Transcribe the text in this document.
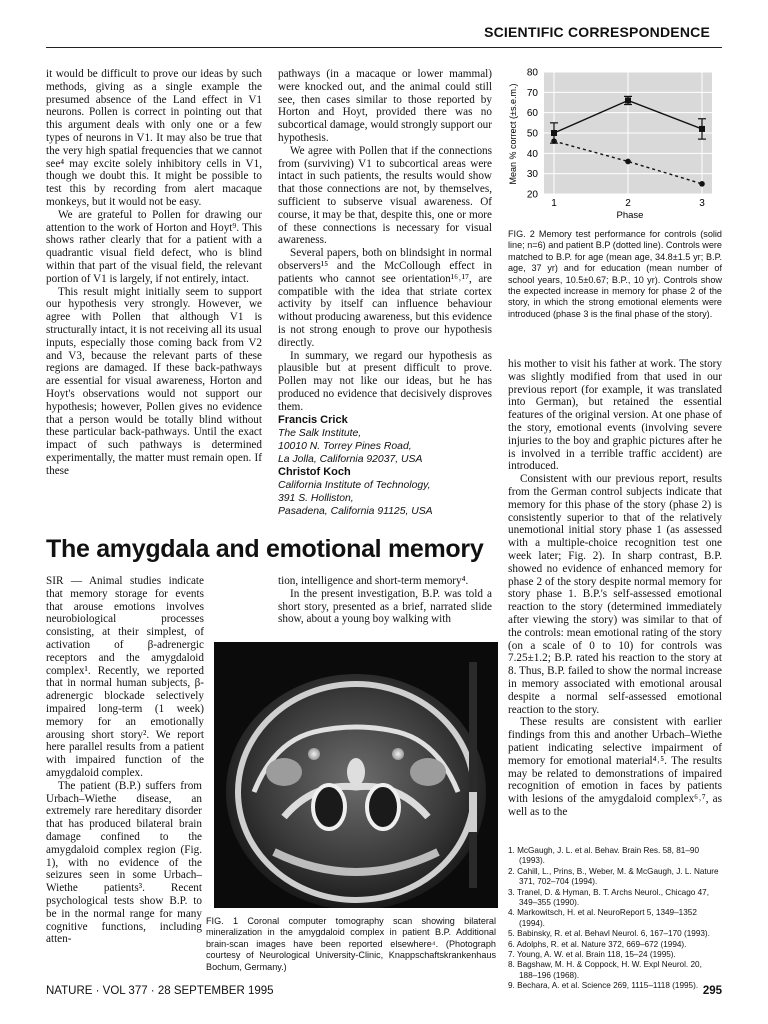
SCIENTIFIC CORRESPONDENCE

it would be difficult to prove our ideas by such methods, giving as a single example the presumed absence of the Land effect in V1 neurons. Pollen is correct in pointing out that this argument deals with only one or a few types of neurons in V1. It may also be true that the very high spatial frequencies that we cannot see⁴ may excite solely inhibitory cells in V1, though we doubt this. It might be possible to test this by recording from alert macaque monkeys, but it would not be easy.

We are grateful to Pollen for drawing our attention to the work of Horton and Hoyt⁹. This shows rather clearly that for a patient with a quadrantic visual field defect, who is blind within that part of the visual field, the relevant portion of V1 is largely, if not entirely, intact.

This result might initially seem to support our hypothesis very strongly. However, we agree with Pollen that although V1 is structurally intact, it is not receiving all its usual inputs, especially those coming back from V2 and V3, because the relevant parts of these regions are damaged. If these back-pathways are essential for visual awareness, Horton and Hoyt's observations would not support our hypothesis; however, Pollen gives no evidence that a person would be totally blind without these particular back-pathways. Until the exact impact of such pathways is determined experimentally, the matter must remain open. If these

pathways (in a macaque or lower mammal) were knocked out, and the animal could still see, then cases similar to those reported by Horton and Hoyt, provided there was no subcortical damage, would strongly support our hypothesis.

We agree with Pollen that if the connections from (surviving) V1 to subcortical areas were intact in such patients, the results would show that those connections are not, by themselves, sufficient to subserve visual awareness. Of course, it may be that, despite this, one or more of these connections is necessary for visual awareness.

Several papers, both on blindsight in normal observers¹⁵ and the McCollough effect in patients who cannot see orientation¹⁶˒¹⁷, are compatible with the idea that striate cortex activity by itself can influence behaviour without producing awareness, but this evidence is not strong enough to prove our hypothesis directly.

In summary, we regard our hypothesis as plausible but at present difficult to prove. Pollen may not like our ideas, but he has produced no evidence that decisively disproves them.

Francis Crick
The Salk Institute,
10010 N. Torrey Pines Road,
La Jolla, California 92037, USA
Christof Koch
California Institute of Technology,
391 S. Holliston,
Pasadena, California 91125, USA
20
30
40
50
60
70
80
1	2	3
Mean % correct (±s.e.m.)
Phase
FIG. 2 Memory test performance for controls (solid line; n=6) and patient B.P (dotted line). Controls were matched to B.P. for age (mean age, 34.8±1.5 yr; B.P. age, 37 yr) and for education (mean number of school years, 10.5±0.67; B.P., 10 yr). Controls show the expected increase in memory for phase 2 of the story, in which the strong emotional elements were introduced (phase 3 is the final phase of the story).

his mother to visit his father at work. The story was slightly modified from that used in our previous report (for example, it was translated into German), but retained the essential features of the original version. At one phase of the story, emotional events (involving severe injuries to the boy and graphic pictures after he is involved in a terrible traffic accident) are introduced.

Consistent with our previous report, results from the German control subjects indicate that memory for this phase of the story (phase 2) is consistently superior to that of the relatively unemotional initial story phase 1 (as assessed with a multiple-choice recognition test one week later; Fig. 2). In sharp contrast, B.P. showed no evidence of enhanced memory for phase 2 of the story despite normal memory for story phase 1. B.P.'s self-assessed emotional reaction to the story (determined immediately after viewing the story) was similar to that of the controls: mean emotional rating of the story (on a scale of 0 to 10) for controls was 7.25±1.2; B.P. rated his reaction to the story at 8. Thus, B.P. failed to show the normal increase in memory associated with emotional arousal despite a normal self-assessed emotional reaction to the story.

These results are consistent with earlier findings from this and another Urbach–Wiethe patient indicating selective impairment of memory for emotional material⁴˒⁵. The results may be related to demonstrations of impaired recognition of emotion in faces by patients with lesions of the amygdaloid complex⁶˒⁷, as well as to the

The amygdala and emotional memory

SIR — Animal studies indicate that memory storage for events that arouse emotions involves neurobiological processes consisting, at their simplest, of activation of β-adrenergic receptors and the amygdaloid complex¹. Recently, we reported that in normal human subjects, β-adrenergic blockade selectively impaired long-term (1 week) memory for an emotionally arousing short story². We report here parallel results from a patient with impaired function of the amygdaloid complex.

The patient (B.P.) suffers from Urbach–Wiethe disease, an extremely rare hereditary disorder that has produced bilateral brain damage confined to the amygdaloid complex region (Fig. 1), with no evidence of the seizures seen in some Urbach–Wiethe patients³. Recent psychological tests show B.P. to be in the normal range for many cognitive functions, including atten-

tion, intelligence and short-term memory⁴.

In the present investigation, B.P. was told a short story, presented as a brief, narrated slide show, about a young boy walking with

FIG. 1 Coronal computer tomography scan showing bilateral mineralization in the amygdaloid complex in patient B.P. Additional brain-scan images have been reported elsewhere⁴. (Photograph courtesy of Neurological University-Clinic, Knappschaftskrankenhaus Bochum, Germany.)
1. McGaugh, J. L. et al. Behav. Brain Res. 58, 81–90 (1993).
2. Cahill, L., Prins, B., Weber, M. & McGaugh, J. L. Nature 371, 702–704 (1994).
3. Tranel, D. & Hyman, B. T. Archs Neurol., Chicago 47, 349–355 (1990).
4. Markowitsch, H. et al. NeuroReport 5, 1349–1352 (1994).
5. Babinsky, R. et al. Behavl Neurol. 6, 167–170 (1993).
6. Adolphs, R. et al. Nature 372, 669–672 (1994).
7. Young, A. W. et al. Brain 118, 15–24 (1995).
8. Bagshaw, M. H. & Coppock, H. W. Expl Neurol. 20, 188–196 (1968).
9. Bechara, A. et al. Science 269, 1115–1118 (1995).
NATURE · VOL 377 · 28 SEPTEMBER 1995	295
